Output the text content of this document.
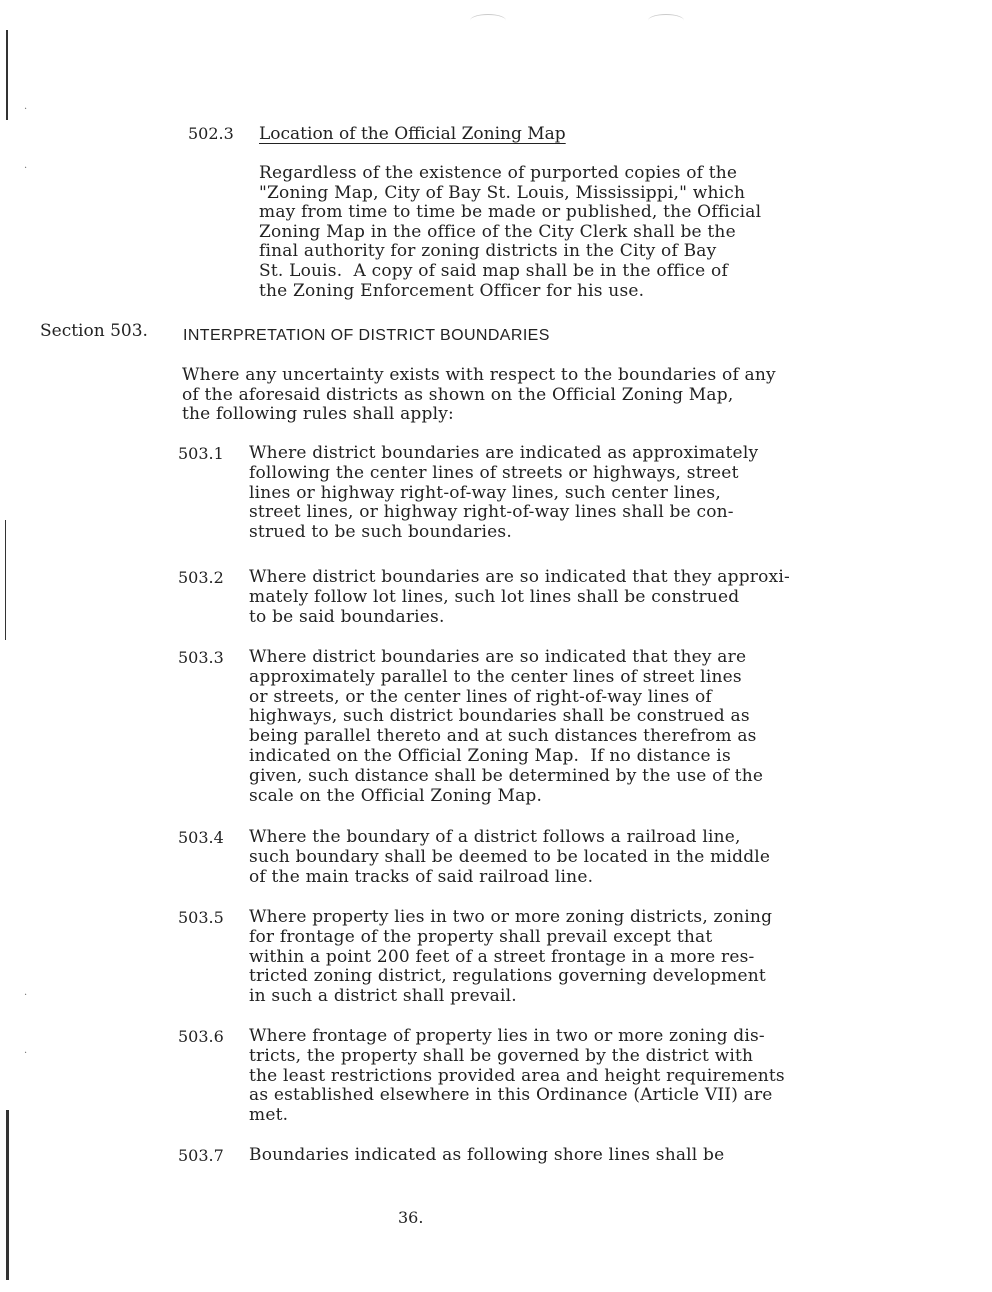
·
·
·
·
502.3 Location of the Official Zoning Map
Regardless of the existence of purported copies of the
"Zoning Map, City of Bay St. Louis, Mississippi," which
may from time to time be made or published, the Official
Zoning Map in the office of the City Clerk shall be the
final authority for zoning districts in the City of Bay
St. Louis.  A copy of said map shall be in the office of
the Zoning Enforcement Officer for his use.
Section 503. INTERPRETATION OF DISTRICT BOUNDARIES
Where any uncertainty exists with respect to the boundaries of any
of the aforesaid districts as shown on the Official Zoning Map,
the following rules shall apply:
503.1 Where district boundaries are indicated as approximately
following the center lines of streets or highways, street
lines or highway right-of-way lines, such center lines,
street lines, or highway right-of-way lines shall be con-
strued to be such boundaries.
503.2 Where district boundaries are so indicated that they approxi-
mately follow lot lines, such lot lines shall be construed
to be said boundaries.
503.3 Where district boundaries are so indicated that they are
approximately parallel to the center lines of street lines
or streets, or the center lines of right-of-way lines of
highways, such district boundaries shall be construed as
being parallel thereto and at such distances therefrom as
indicated on the Official Zoning Map.  If no distance is
given, such distance shall be determined by the use of the
scale on the Official Zoning Map.
503.4 Where the boundary of a district follows a railroad line,
such boundary shall be deemed to be located in the middle
of the main tracks of said railroad line.
503.5 Where property lies in two or more zoning districts, zoning
for frontage of the property shall prevail except that
within a point 200 feet of a street frontage in a more res-
tricted zoning district, regulations governing development
in such a district shall prevail.
503.6 Where frontage of property lies in two or more zoning dis-
tricts, the property shall be governed by the district with
the least restrictions provided area and height requirements
as established elsewhere in this Ordinance (Article VII) are
met.
503.7 Boundaries indicated as following shore lines shall be
36.
